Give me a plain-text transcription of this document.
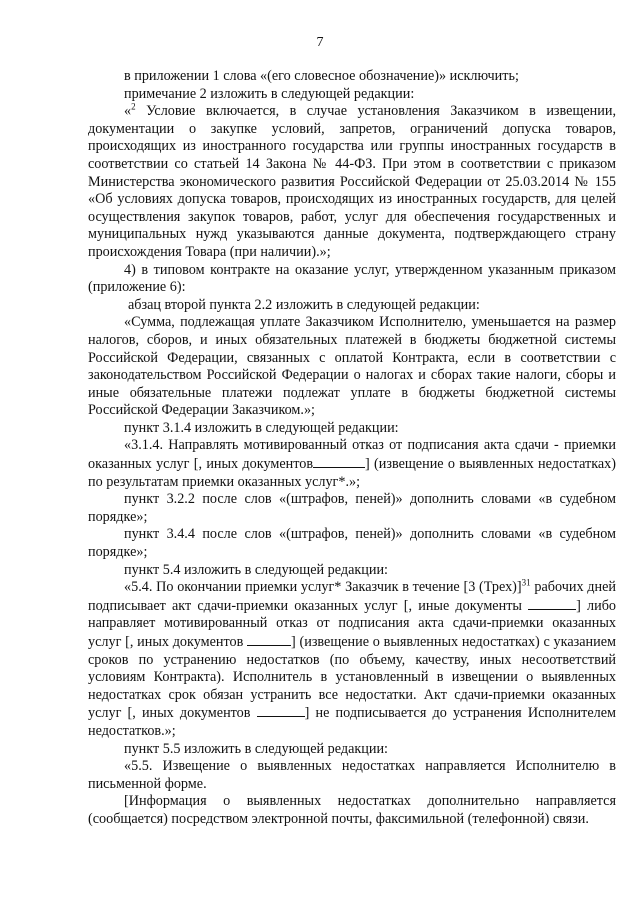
7

в приложении 1 слова «(его словесное обозначение)» исключить;

примечание 2 изложить в следующей редакции:

«$^2$ Условие включается, в случае установления Заказчиком в извещении, документации о закупке условий, запретов, ограничений допуска товаров, происходящих из иностранного государства или группы иностранных государств в соответствии со статьей 14 Закона № 44-ФЗ. При этом в соответствии с приказом Министерства экономического развития Российской Федерации от 25.03.2014 № 155 «Об условиях допуска товаров, происходящих из иностранных государств, для целей осуществления закупок товаров, работ, услуг для обеспечения государственных и муниципальных нужд указываются данные документа, подтверждающего страну происхождения Товара (при наличии).»;

4) в типовом контракте на оказание услуг, утвержденном указанным приказом (приложение 6):

абзац второй пункта 2.2 изложить в следующей редакции:

«Сумма, подлежащая уплате Заказчиком Исполнителю, уменьшается на размер налогов, сборов, и иных обязательных платежей в бюджеты бюджетной системы Российской Федерации, связанных с оплатой Контракта, если в соответствии с законодательством Российской Федерации о налогах и сборах такие налоги, сборы и иные обязательные платежи подлежат уплате в бюджеты бюджетной системы Российской Федерации Заказчиком.»;

пункт 3.1.4 изложить в следующей редакции:

«3.1.4. Направлять мотивированный отказ от подписания акта сдачи - приемки оказанных услуг [, иных документов	] (извещение о выявленных недостатках) по результатам приемки оказанных услуг*.»;

пункт 3.2.2 после слов «(штрафов, пеней)» дополнить словами «в судебном порядке»;

пункт 3.4.4 после слов «(штрафов, пеней)» дополнить словами «в судебном порядке»;

пункт 5.4 изложить в следующей редакции:

«5.4. По окончании приемки услуг* Заказчик в течение [3 (Трех)]$^{31}$ рабочих дней подписывает акт сдачи-приемки оказанных услуг [, иные документы	] либо направляет мотивированный отказ от подписания акта сдачи-приемки оказанных услуг [, иных документов	] (извещение о выявленных недостатках) с указанием сроков по устранению недостатков (по объему, качеству, иных несоответствий условиям Контракта). Исполнитель в установленный в извещении о выявленных недостатках срок обязан устранить все недостатки. Акт сдачи-приемки оказанных услуг [, иных документов	] не подписывается до устранения Исполнителем недостатков.»;

пункт 5.5 изложить в следующей редакции:

«5.5. Извещение о выявленных недостатках направляется Исполнителю в письменной форме.

[Информация о выявленных недостатках дополнительно направляется (сообщается) посредством электронной почты, факсимильной (телефонной) связи.
